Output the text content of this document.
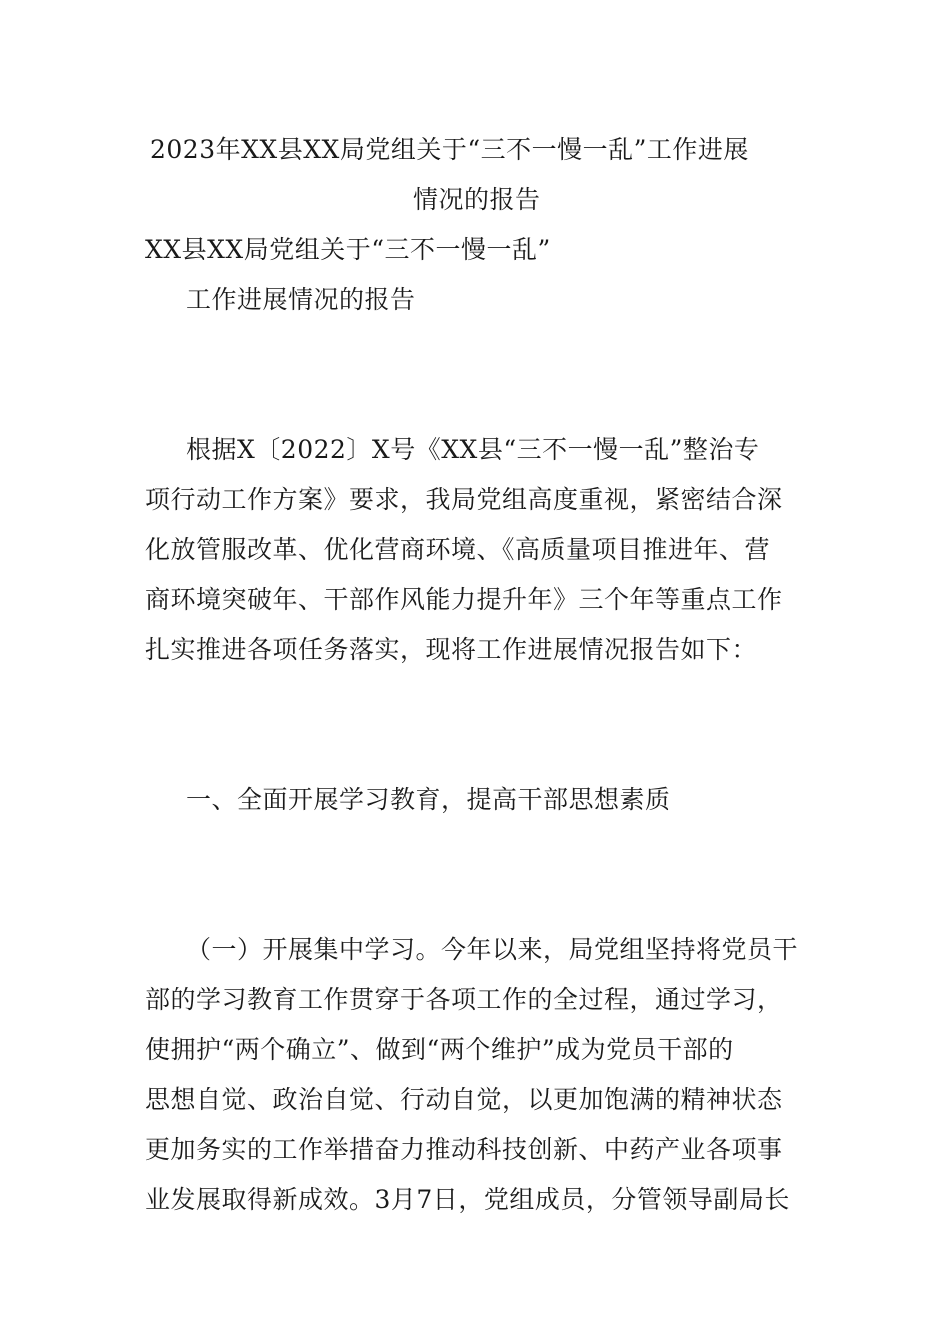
2023年XX县XX局党组关于“三不一慢一乱”工作进展
情况的报告
XX县XX局党组关于“三不一慢一乱”
工作进展情况的报告
根据X〔2022〕X号《XX县“三不一慢一乱”整治专
项行动工作方案》要求，我局党组高度重视，紧密结合深
化放管服改革、优化营商环境、《高质量项目推进年、营
商环境突破年、干部作风能力提升年》三个年等重点工作
扎实推进各项任务落实，现将工作进展情况报告如下：
一、全面开展学习教育，提高干部思想素质
（一）开展集中学习。今年以来，局党组坚持将党员干
部的学习教育工作贯穿于各项工作的全过程，通过学习，
使拥护“两个确立”、做到“两个维护”成为党员干部的
思想自觉、政治自觉、行动自觉，以更加饱满的精神状态
更加务实的工作举措奋力推动科技创新、中药产业各项事
业发展取得新成效。3月7日，党组成员，分管领导副局长
